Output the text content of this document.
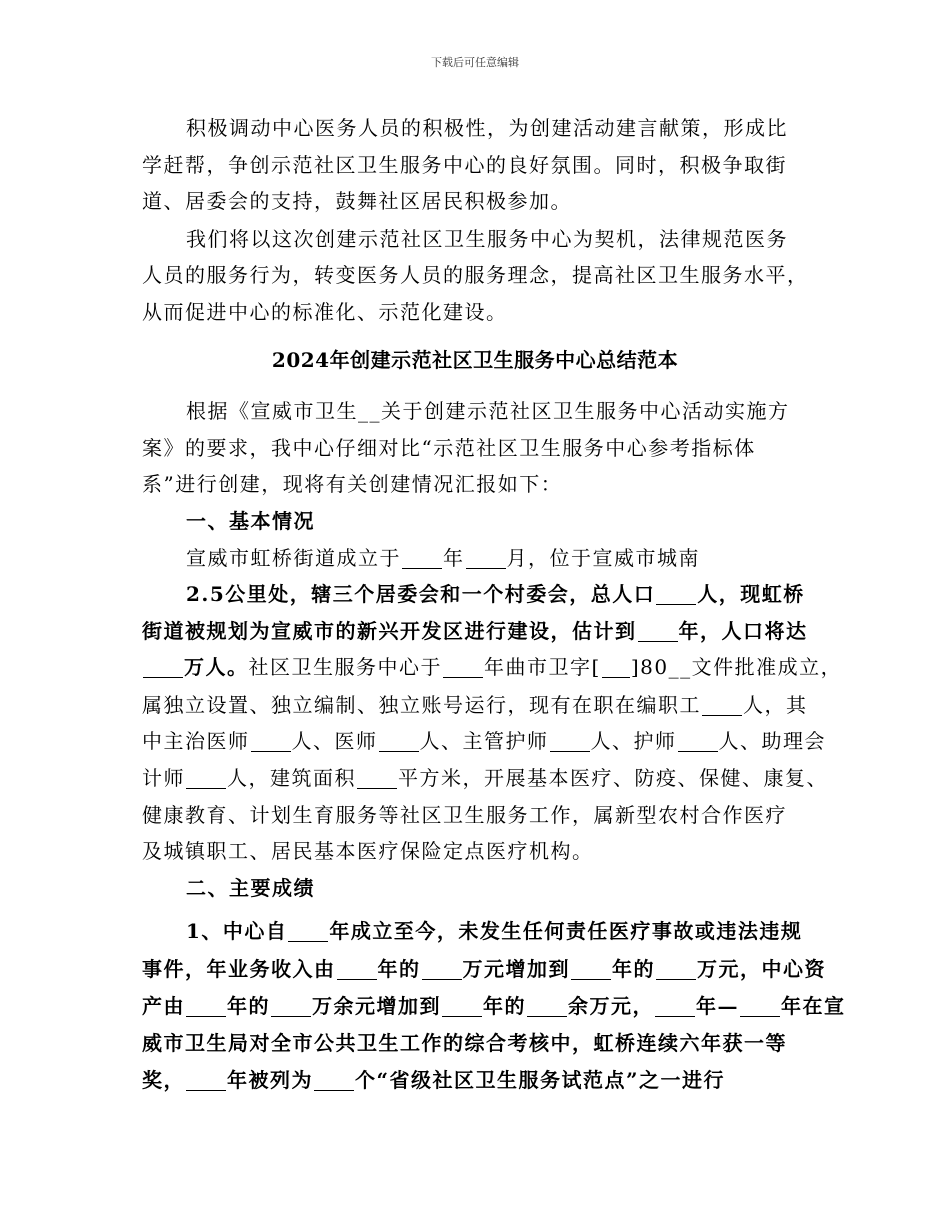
下载后可任意编辑
积极调动中心医务人员的积极性，为创建活动建言献策，形成比
学赶帮，争创示范社区卫生服务中心的良好氛围。同时，积极争取街
道、居委会的支持，鼓舞社区居民积极参加。
我们将以这次创建示范社区卫生服务中心为契机，法律规范医务
人员的服务行为，转变医务人员的服务理念，提高社区卫生服务水平，
从而促进中心的标准化、示范化建设。
2024年创建示范社区卫生服务中心总结范本
根据《宣威市卫生__关于创建示范社区卫生服务中心活动实施方
案》的要求，我中心仔细对比“示范社区卫生服务中心参考指标体
系”进行创建，现将有关创建情况汇报如下：
一、基本情况
宣威市虹桥街道成立于 年 月，位于宣威市城南
2.5公里处，辖三个居委会和一个村委会，总人口 人，现虹桥
街道被规划为宣威市的新兴开发区进行建设，估计到 年，人口将达
万人。社区卫生服务中心于 年曲市卫字[ ]80__文件批准成立，
属独立设置、独立编制、独立账号运行，现有在职在编职工 人，其
中主治医师 人、医师 人、主管护师 人、护师 人、助理会
计师 人，建筑面积 平方米，开展基本医疗、防疫、保健、康复、
健康教育、计划生育服务等社区卫生服务工作，属新型农村合作医疗
及城镇职工、居民基本医疗保险定点医疗机构。
二、主要成绩
1、中心自 年成立至今，未发生任何责任医疗事故或违法违规
事件，年业务收入由 年的 万元增加到 年的 万元，中心资
产由 年的 万余元增加到 年的 余万元， 年— 年在宣
威市卫生局对全市公共卫生工作的综合考核中，虹桥连续六年获一等
奖， 年被列为 个“省级社区卫生服务试范点”之一进行
